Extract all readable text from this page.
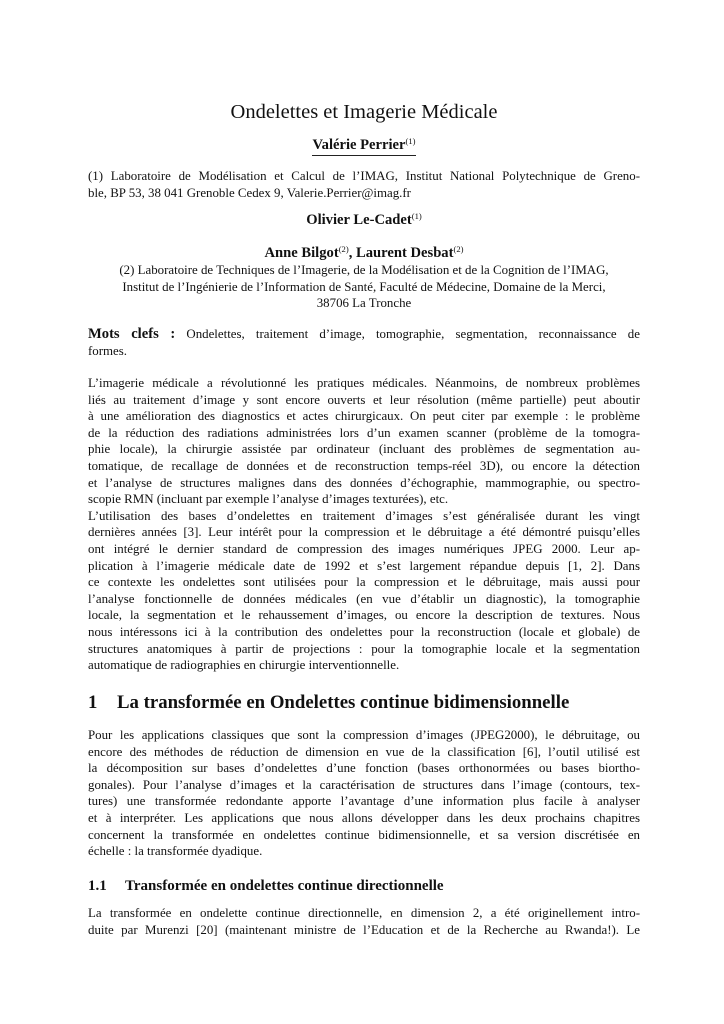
Ondelettes et Imagerie Médicale
Valérie Perrier$^{(1)}$
(1) Laboratoire de Modélisation et Calcul de l’IMAG, Institut National Polytechnique de Greno-
ble, BP 53, 38 041 Grenoble Cedex 9, Valerie.Perrier@imag.fr
Olivier Le-Cadet$^{(1)}$
Anne Bilgot$^{(2)}$, Laurent Desbat$^{(2)}$
(2) Laboratoire de Techniques de l’Imagerie, de la Modélisation et de la Cognition de l’IMAG,
Institut de l’Ingénierie de l’Information de Santé, Faculté de Médecine, Domaine de la Merci,
38706 La Tronche
Mots clefs : Ondelettes, traitement d’image, tomographie, segmentation, reconnaissance de
formes.
L’imagerie médicale a révolutionné les pratiques médicales. Néanmoins, de nombreux problèmes
liés au traitement d’image y sont encore ouverts et leur résolution (même partielle) peut aboutir
à une amélioration des diagnostics et actes chirurgicaux. On peut citer par exemple : le problème
de la réduction des radiations administrées lors d’un examen scanner (problème de la tomogra-
phie locale), la chirurgie assistée par ordinateur (incluant des problèmes de segmentation au-
tomatique, de recallage de données et de reconstruction temps-réel 3D), ou encore la détection
et l’analyse de structures malignes dans des données d’échographie, mammographie, ou spectro-
scopie RMN (incluant par exemple l’analyse d’images texturées), etc.
L’utilisation des bases d’ondelettes en traitement d’images s’est généralisée durant les vingt
dernières années [3]. Leur intérêt pour la compression et le débruitage a été démontré puisqu’elles
ont intégré le dernier standard de compression des images numériques JPEG 2000. Leur ap-
plication à l’imagerie médicale date de 1992 et s’est largement répandue depuis [1, 2]. Dans
ce contexte les ondelettes sont utilisées pour la compression et le débruitage, mais aussi pour
l’analyse fonctionnelle de données médicales (en vue d’établir un diagnostic), la tomographie
locale, la segmentation et le rehaussement d’images, ou encore la description de textures. Nous
nous intéressons ici à la contribution des ondelettes pour la reconstruction (locale et globale) de
structures anatomiques à partir de projections : pour la tomographie locale et la segmentation
automatique de radiographies en chirurgie interventionnelle.
1 La transformée en Ondelettes continue bidimensionnelle
Pour les applications classiques que sont la compression d’images (JPEG2000), le débruitage, ou
encore des méthodes de réduction de dimension en vue de la classification [6], l’outil utilisé est
la décomposition sur bases d’ondelettes d’une fonction (bases orthonormées ou bases biortho-
gonales). Pour l’analyse d’images et la caractérisation de structures dans l’image (contours, tex-
tures) une transformée redondante apporte l’avantage d’une information plus facile à analyser
et à interpréter. Les applications que nous allons développer dans les deux prochains chapitres
concernent la transformée en ondelettes continue bidimensionnelle, et sa version discrétisée en
échelle : la transformée dyadique.
1.1 Transformée en ondelettes continue directionnelle
La transformée en ondelette continue directionnelle, en dimension 2, a été originellement intro-
duite par Murenzi [20] (maintenant ministre de l’Education et de la Recherche au Rwanda!). Le
